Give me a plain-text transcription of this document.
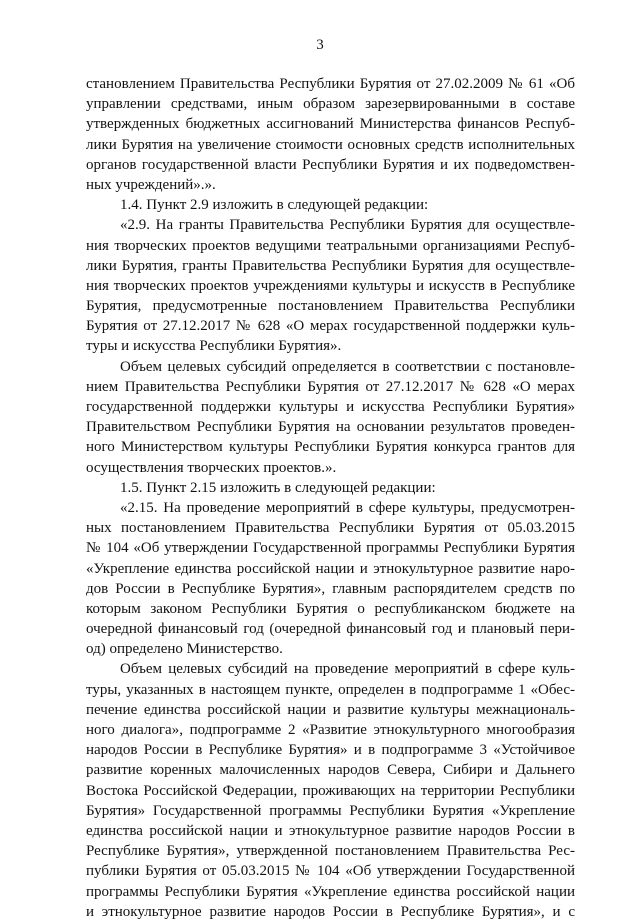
3

становлением Правительства Республики Бурятия от 27.02.2009 № 61 «Об
управлении средствами, иным образом зарезервированными в составе
утвержденных бюджетных ассигнований Министерства финансов Респуб-
лики Бурятия на увеличение стоимости основных средств исполнительных
органов государственной власти Республики Бурятия и их подведомствен-
ных учреждений».».

1.4. Пункт 2.9 изложить в следующей редакции:

«2.9. На гранты Правительства Республики Бурятия для осуществле-
ния творческих проектов ведущими театральными организациями Респуб-
лики Бурятия, гранты Правительства Республики Бурятия для осуществле-
ния творческих проектов учреждениями культуры и искусств в Республике
Бурятия, предусмотренные постановлением Правительства Республики
Бурятия от 27.12.2017 № 628 «О мерах государственной поддержки куль-
туры и искусства Республики Бурятия».

Объем целевых субсидий определяется в соответствии с постановле-
нием Правительства Республики Бурятия от 27.12.2017 № 628 «О мерах
государственной поддержки культуры и искусства Республики Бурятия»
Правительством Республики Бурятия на основании результатов проведен-
ного Министерством культуры Республики Бурятия конкурса грантов для
осуществления творческих проектов.».

1.5. Пункт 2.15 изложить в следующей редакции:

«2.15. На проведение мероприятий в сфере культуры, предусмотрен-
ных постановлением Правительства Республики Бурятия от 05.03.2015
№ 104 «Об утверждении Государственной программы Республики Бурятия
«Укрепление единства российской нации и этнокультурное развитие наро-
дов России в Республике Бурятия», главным распорядителем средств по
которым законом Республики Бурятия о республиканском бюджете на
очередной финансовый год (очередной финансовый год и плановый пери-
од) определено Министерство.

Объем целевых субсидий на проведение мероприятий в сфере куль-
туры, указанных в настоящем пункте, определен в подпрограмме 1 «Обес-
печение единства российской нации и развитие культуры межнациональ-
ного диалога», подпрограмме 2 «Развитие этнокультурного многообразия
народов России в Республике Бурятия» и в подпрограмме 3 «Устойчивое
развитие коренных малочисленных народов Севера, Сибири и Дальнего
Востока Российской Федерации, проживающих на территории Республики
Бурятия» Государственной программы Республики Бурятия «Укрепление
единства российской нации и этнокультурное развитие народов России в
Республике Бурятия», утвержденной постановлением Правительства Рес-
публики Бурятия от 05.03.2015 № 104 «Об утверждении Государственной
программы Республики Бурятия «Укрепление единства российской нации
и этнокультурное развитие народов России в Республике Бурятия», и с
